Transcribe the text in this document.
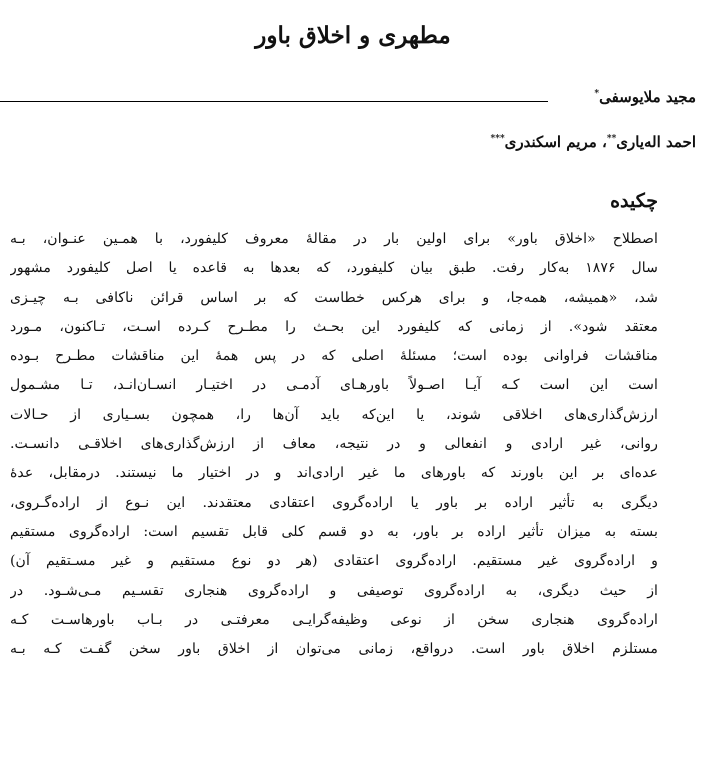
مطهری و اخلاق باور
مجید ملایوسفی*
احمد اله‌یاری**، مریم اسکندری***
چکیده
اصطلاح «اخلاق باور» برای اولین بار در مقالهٔ معروف کلیفورد، با همـین عنـوان، بـه
سال ۱۸۷۶ به‌کار رفت. طبق بیان کلیفورد، که بعدها به قاعده یا اصل کلیفورد مشهور
شد، «همیشه، همه‌جا، و برای هرکس خطاست که بر اساس قرائن ناکافی بـه چیـزی
معتقد شود». از زمانی که کلیفورد این بحـث را مطـرح کـرده اسـت، تـاکنون، مـورد
مناقشات فراوانی بوده است؛ مسئلهٔ اصلی که در پس همهٔ این مناقشات مطـرح بـوده
است این است کـه آیـا اصـولاً باورهـای آدمـی در اختیـار انسـان‌انـد، تـا مشـمول
ارزش‌گذاری‌های اخلاقی شوند، یا این‌که باید آن‌ها را، همچون بسـیاری از حـالات
روانی، غیر ارادی و انفعالی و در نتیجه، معاف از ارزش‌گذاری‌های اخلاقـی دانسـت.
عده‌ای بر این باورند که باورهای ما غیر ارادی‌اند و در اختیار ما نیستند. درمقابل، عدهٔ
دیگری به تأثیر اراده بر باور یا اراده‌گروی اعتقادی معتقدند. این نـوع از اراده‌گـروی،
بسته به میزان تأثیر اراده بر باور، به دو قسم کلی قابل تقسیم است: اراده‌گروی مستقیم
و اراده‌گروی غیر مستقیم. اراده‌گروی اعتقادی (هر دو نوع مستقیم و غیر مسـتقیم آن)
از حیث دیگری، به اراده‌گروی توصیفی و اراده‌گروی هنجاری تقسـیم مـی‌شـود. در
اراده‌گروی هنجاری سخن از نوعی وظیفه‌گرایـی معرفتـی در بـاب باورهاسـت کـه
مستلزم اخلاق باور است. درواقع، زمانی می‌توان از اخلاق باور سخن گفـت کـه بـه
